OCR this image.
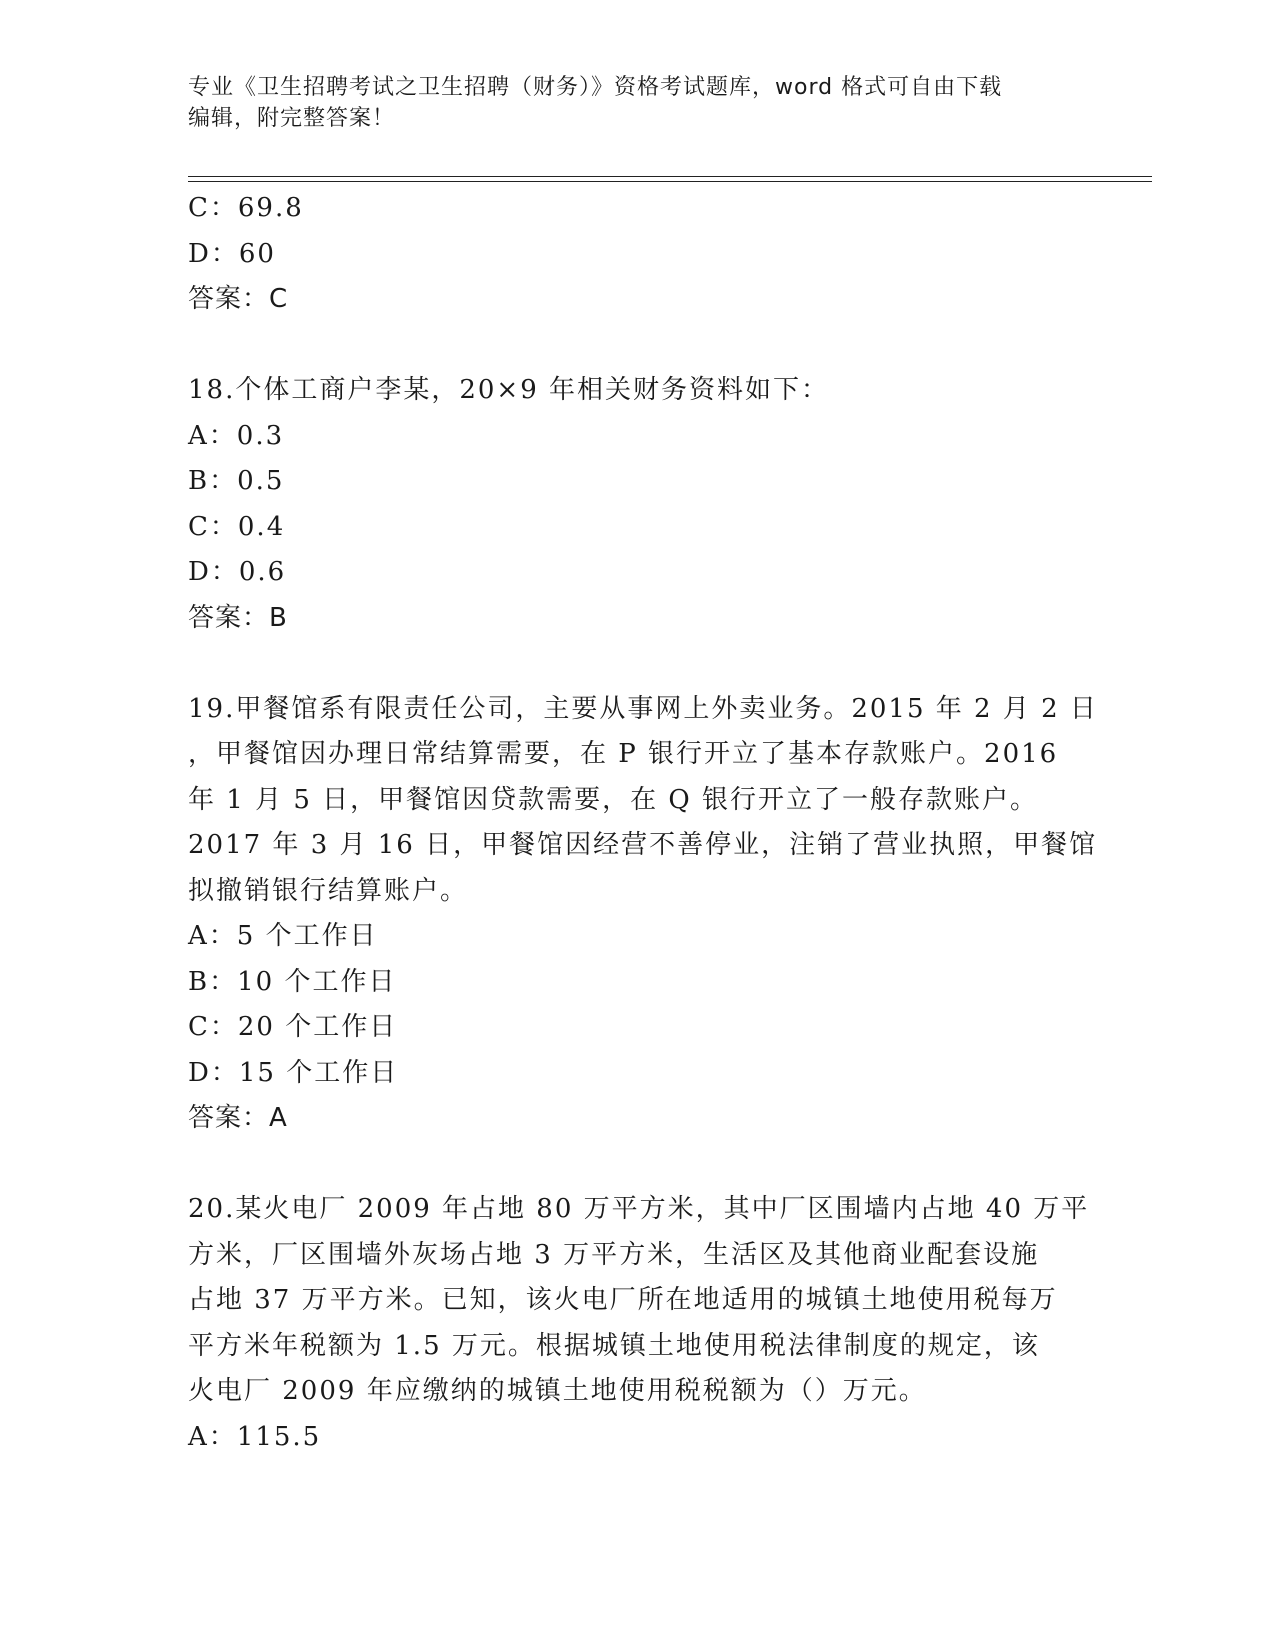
专业《卫生招聘考试之卫生招聘（财务）》资格考试题库，word 格式可自由下载
编辑，附完整答案！
C：69.8
D：60
答案：C
18.个体工商户李某，20×9 年相关财务资料如下：
A：0.3
B：0.5
C：0.4
D：0.6
答案：B
19.甲餐馆系有限责任公司，主要从事网上外卖业务。2015 年 2 月 2 日
，甲餐馆因办理日常结算需要，在 P 银行开立了基本存款账户。2016
年 1 月 5 日，甲餐馆因贷款需要，在 Q 银行开立了一般存款账户。
2017 年 3 月 16 日，甲餐馆因经营不善停业，注销了营业执照，甲餐馆
拟撤销银行结算账户。
A：5 个工作日
B：10 个工作日
C：20 个工作日
D：15 个工作日
答案：A
20.某火电厂 2009 年占地 80 万平方米，其中厂区围墙内占地 40 万平
方米，厂区围墙外灰场占地 3 万平方米，生活区及其他商业配套设施
占地 37 万平方米。已知，该火电厂所在地适用的城镇土地使用税每万
平方米年税额为 1.5 万元。根据城镇土地使用税法律制度的规定，该
火电厂 2009 年应缴纳的城镇土地使用税税额为（）万元。
A：115.5
